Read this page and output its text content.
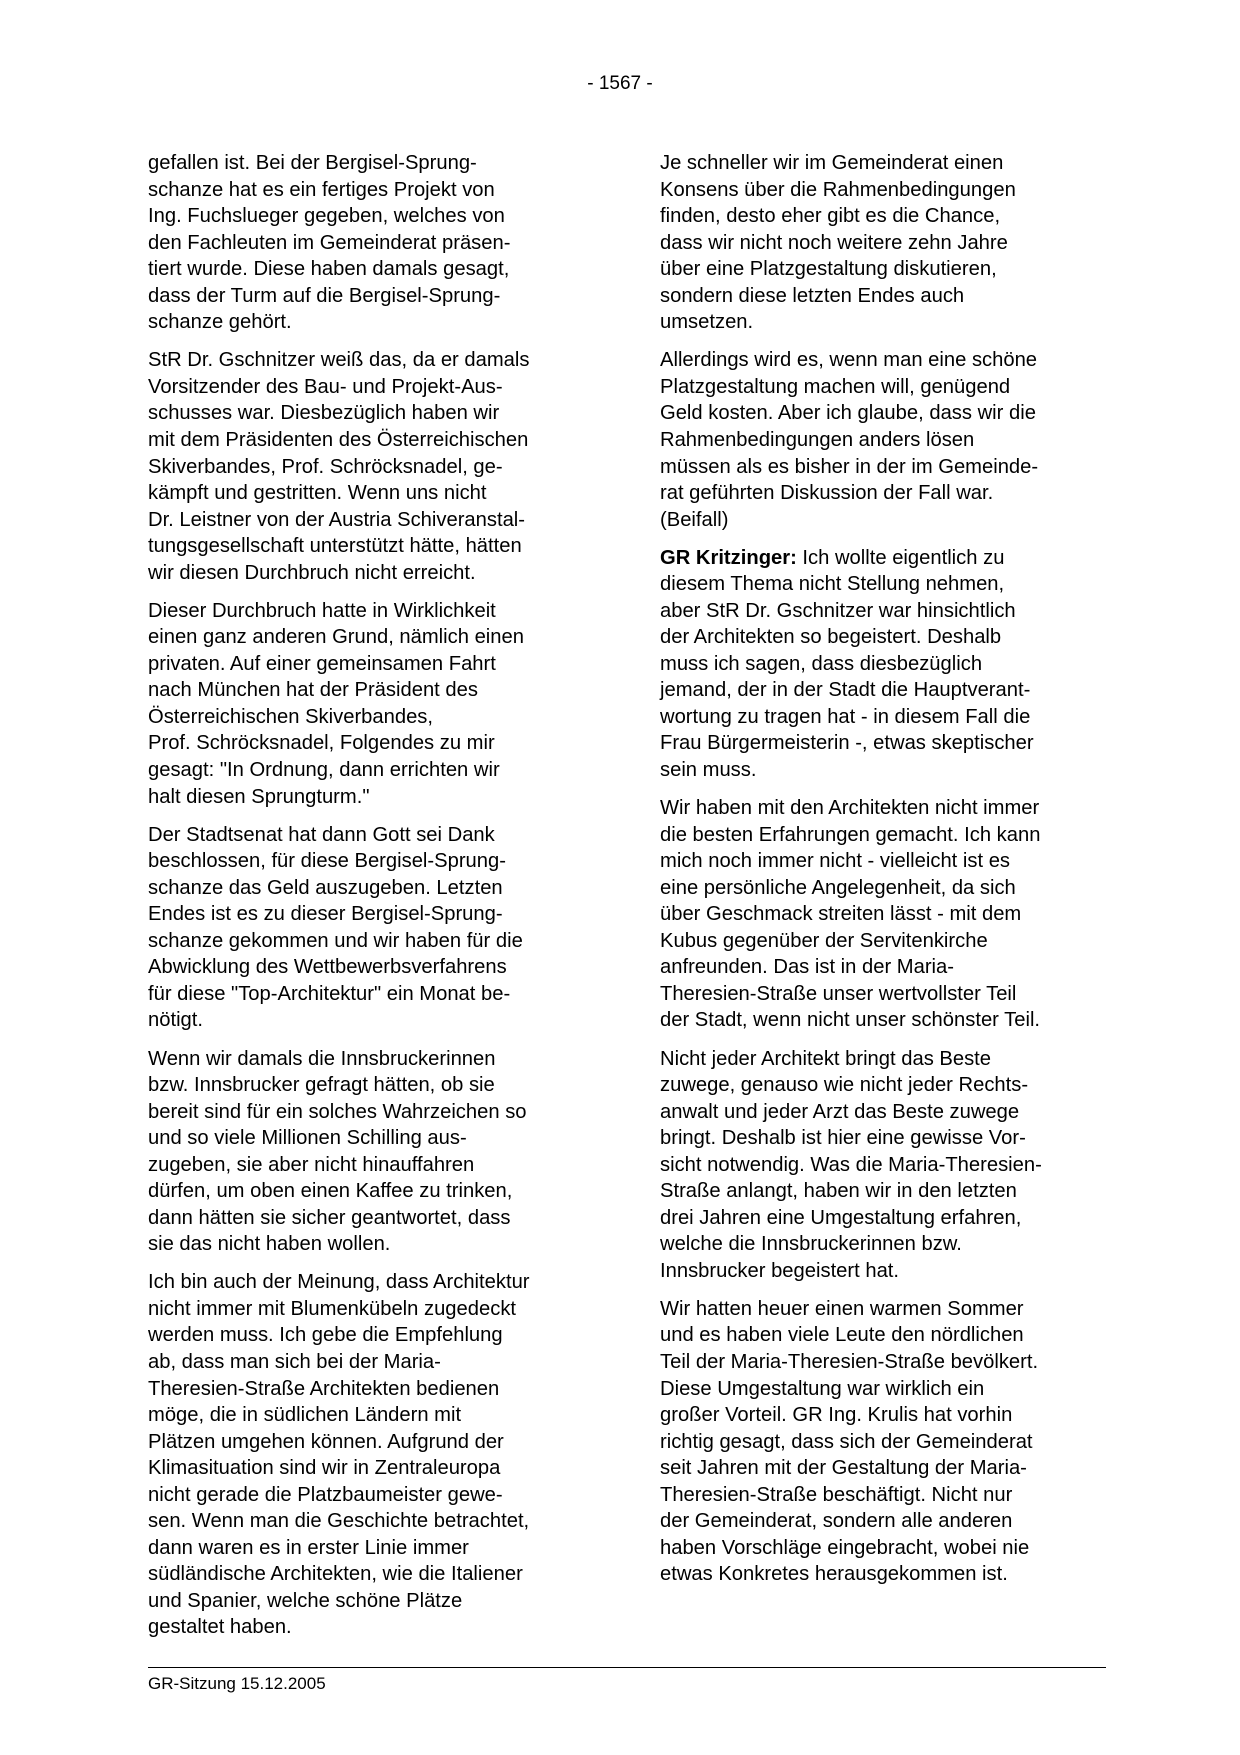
- 1567 -

gefallen ist. Bei der Bergisel-Sprung-
schanze hat es ein fertiges Projekt von
Ing. Fuchslueger gegeben, welches von
den Fachleuten im Gemeinderat präsen-
tiert wurde. Diese haben damals gesagt,
dass der Turm auf die Bergisel-Sprung-
schanze gehört.

StR Dr. Gschnitzer weiß das, da er damals
Vorsitzender des Bau- und Projekt-Aus-
schusses war. Diesbezüglich haben wir
mit dem Präsidenten des Österreichischen
Skiverbandes, Prof. Schröcksnadel, ge-
kämpft und gestritten. Wenn uns nicht
Dr. Leistner von der Austria Schiveranstal-
tungsgesellschaft unterstützt hätte, hätten
wir diesen Durchbruch nicht erreicht.

Dieser Durchbruch hatte in Wirklichkeit
einen ganz anderen Grund, nämlich einen
privaten. Auf einer gemeinsamen Fahrt
nach München hat der Präsident des
Österreichischen Skiverbandes,
Prof. Schröcksnadel, Folgendes zu mir
gesagt: "In Ordnung, dann errichten wir
halt diesen Sprungturm."

Der Stadtsenat hat dann Gott sei Dank
beschlossen, für diese Bergisel-Sprung-
schanze das Geld auszugeben. Letzten
Endes ist es zu dieser Bergisel-Sprung-
schanze gekommen und wir haben für die
Abwicklung des Wettbewerbsverfahrens
für diese "Top-Architektur" ein Monat be-
nötigt.

Wenn wir damals die Innsbruckerinnen
bzw. Innsbrucker gefragt hätten, ob sie
bereit sind für ein solches Wahrzeichen so
und so viele Millionen Schilling aus-
zugeben, sie aber nicht hinauffahren
dürfen, um oben einen Kaffee zu trinken,
dann hätten sie sicher geantwortet, dass
sie das nicht haben wollen.

Ich bin auch der Meinung, dass Architektur
nicht immer mit Blumenkübeln zugedeckt
werden muss. Ich gebe die Empfehlung
ab, dass man sich bei der Maria-
Theresien-Straße Architekten bedienen
möge, die in südlichen Ländern mit
Plätzen umgehen können. Aufgrund der
Klimasituation sind wir in Zentraleuropa
nicht gerade die Platzbaumeister gewe-
sen. Wenn man die Geschichte betrachtet,
dann waren es in erster Linie immer
südländische Architekten, wie die Italiener
und Spanier, welche schöne Plätze
gestaltet haben.

Je schneller wir im Gemeinderat einen
Konsens über die Rahmenbedingungen
finden, desto eher gibt es die Chance,
dass wir nicht noch weitere zehn Jahre
über eine Platzgestaltung diskutieren,
sondern diese letzten Endes auch
umsetzen.

Allerdings wird es, wenn man eine schöne
Platzgestaltung machen will, genügend
Geld kosten. Aber ich glaube, dass wir die
Rahmenbedingungen anders lösen
müssen als es bisher in der im Gemeinde-
rat geführten Diskussion der Fall war.
(Beifall)

GR Kritzinger: Ich wollte eigentlich zu
diesem Thema nicht Stellung nehmen,
aber StR Dr. Gschnitzer war hinsichtlich
der Architekten so begeistert. Deshalb
muss ich sagen, dass diesbezüglich
jemand, der in der Stadt die Hauptverant-
wortung zu tragen hat - in diesem Fall die
Frau Bürgermeisterin -, etwas skeptischer
sein muss.

Wir haben mit den Architekten nicht immer
die besten Erfahrungen gemacht. Ich kann
mich noch immer nicht - vielleicht ist es
eine persönliche Angelegenheit, da sich
über Geschmack streiten lässt - mit dem
Kubus gegenüber der Servitenkirche
anfreunden. Das ist in der Maria-
Theresien-Straße unser wertvollster Teil
der Stadt, wenn nicht unser schönster Teil.

Nicht jeder Architekt bringt das Beste
zuwege, genauso wie nicht jeder Rechts-
anwalt und jeder Arzt das Beste zuwege
bringt. Deshalb ist hier eine gewisse Vor-
sicht notwendig. Was die Maria-Theresien-
Straße anlangt, haben wir in den letzten
drei Jahren eine Umgestaltung erfahren,
welche die Innsbruckerinnen bzw.
Innsbrucker begeistert hat.

Wir hatten heuer einen warmen Sommer
und es haben viele Leute den nördlichen
Teil der Maria-Theresien-Straße bevölkert.
Diese Umgestaltung war wirklich ein
großer Vorteil. GR Ing. Krulis hat vorhin
richtig gesagt, dass sich der Gemeinderat
seit Jahren mit der Gestaltung der Maria-
Theresien-Straße beschäftigt. Nicht nur
der Gemeinderat, sondern alle anderen
haben Vorschläge eingebracht, wobei nie
etwas Konkretes herausgekommen ist.

GR-Sitzung 15.12.2005
